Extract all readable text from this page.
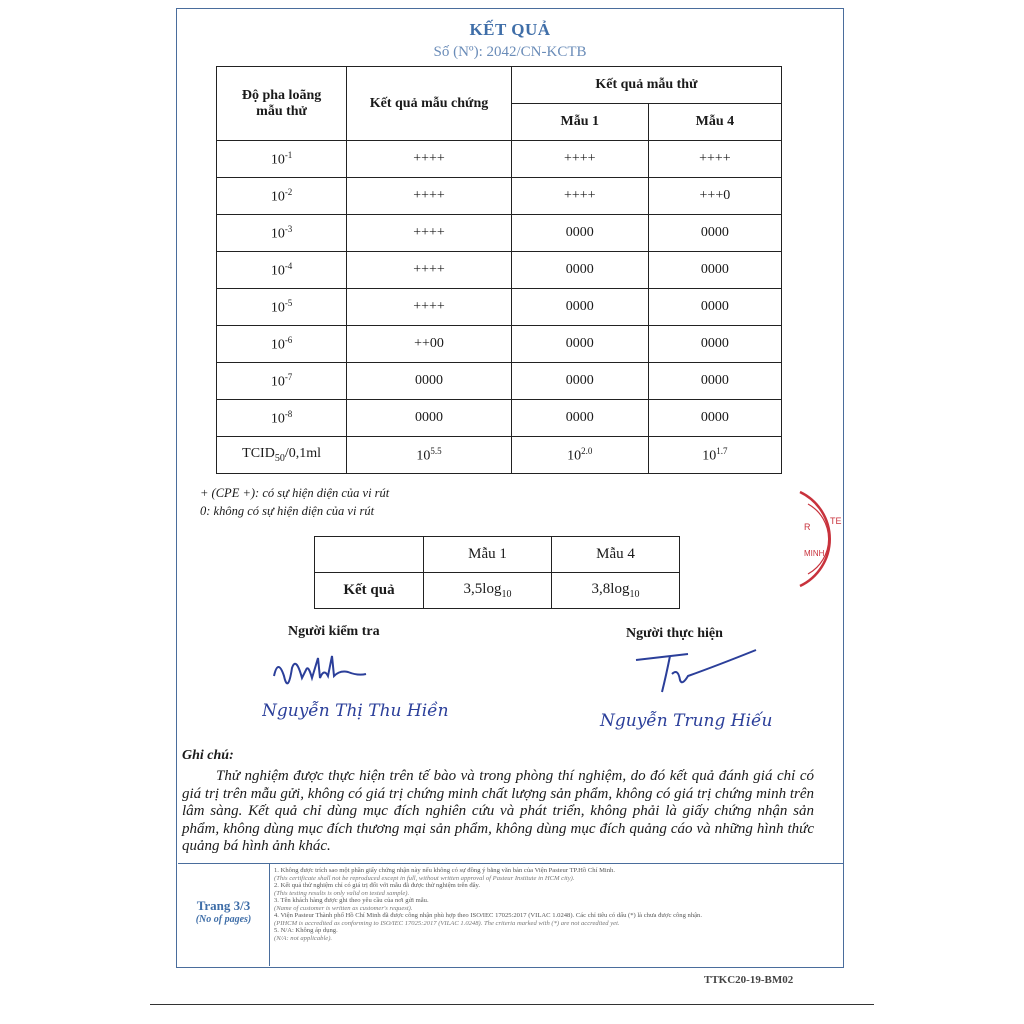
KẾT QUẢ
Số (Nº): 2042/CN-KCTB
Độ pha loãng mẫu thử	Kết quả mẫu chứng	Kết quả mẫu thử	
		Mẫu 1	Mẫu 4
$10^{-1}$	++++	++++	++++
$10^{-2}$	++++	++++	+++0
$10^{-3}$	++++	0000	0000
$10^{-4}$	++++	0000	0000
$10^{-5}$	++++	0000	0000
$10^{-6}$	++00	0000	0000
$10^{-7}$	0000	0000	0000
$10^{-8}$	0000	0000	0000
$TCID_{50}/0,1ml$	$10^{5.5}$	$10^{2.0}$	$10^{1.7}$
+ (CPE +): có sự hiện diện của vi rút
0: không có sự hiện diện của vi rút
R
MINH
TE
	Mẫu 1	Mẫu 4
Kết quả	$3,5\log_{10}$	$3,8\log_{10}$
Người kiểm tra	Người thực hiện
Nguyễn Thị Thu Hiền	Nguyễn Trung Hiếu
Ghi chú:
Thử nghiệm được thực hiện trên tế bào và trong phòng thí nghiệm, do đó kết quả đánh giá chỉ có giá trị trên mẫu gửi, không có giá trị chứng minh chất lượng sản phẩm, không có giá trị chứng minh trên lâm sàng. Kết quả chỉ dùng mục đích nghiên cứu và phát triển, không phải là giấy chứng nhận sản phẩm, không dùng mục đích thương mại sản phẩm, không dùng mục đích quảng cáo và những hình thức quảng bá hình ảnh khác.
Trang 3/3
(No of pages)
1. Không được trích sao một phần giấy chứng nhận này nếu không có sự đồng ý bằng văn bản của Viện Pasteur TP.Hồ Chí Minh.
(This certificate shall not be reproduced except in full, without written approval of Pasteur Institute in HCM city).
2. Kết quả thử nghiệm chỉ có giá trị đối với mẫu đã được thử nghiệm trên đây.
(This testing results is only valid on tested sample).
3. Tên khách hàng được ghi theo yêu cầu của nơi gửi mẫu.
(Name of customer is written as customer's request).
4. Viện Pasteur Thành phố Hồ Chí Minh đã được công nhận phù hợp theo ISO/IEC 17025:2017 (VILAC 1.0248). Các chỉ tiêu có dấu (*) là chưa được công nhận.
(PIHCM is accredited as conforming to ISO/IEC 17025:2017 (VILAC 1.0248). The criteria marked with (*) are not accredited yet.
5. N/A: Không áp dụng.
(N/A: not applicable).
TTKC20-19-BM02
